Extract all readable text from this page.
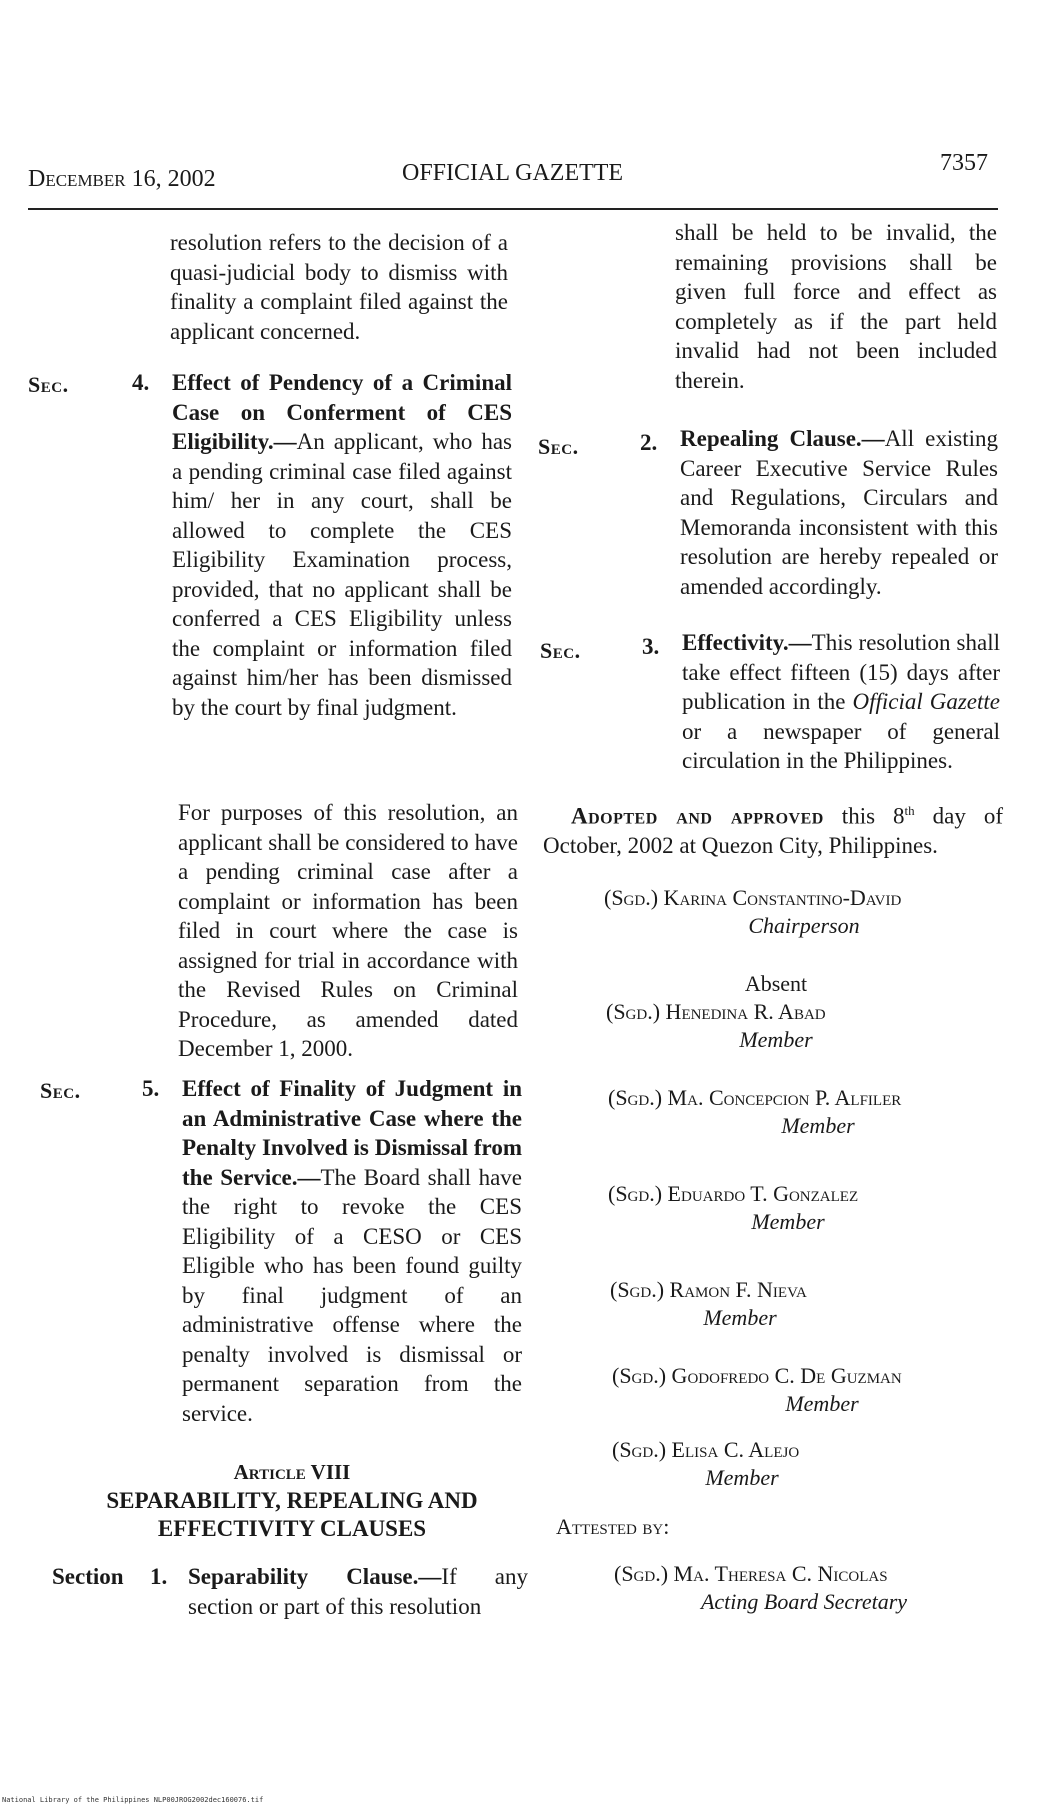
December 16, 2002	OFFICIAL GAZETTE	7357
resolution refers to the decision of a quasi-judicial body to dismiss with finality a complaint filed against the applicant concerned.
Sec.	4. Effect of Pendency of a Criminal Case on Conferment of CES Eligibility.—An applicant, who has a pending criminal case filed against him/ her in any court, shall be allowed to complete the CES Eligibility Examination process, provided, that no applicant shall be conferred a CES Eligibility unless the complaint or information filed against him/her has been dismissed by the court by final judgment.
For purposes of this resolution, an applicant shall be considered to have a pending criminal case after a complaint or information has been filed in court where the case is assigned for trial in accordance with the Revised Rules on Criminal Procedure, as amended dated December 1, 2000.
Sec.	5. Effect of Finality of Judgment in an Administrative Case where the Penalty Involved is Dismissal from the Service.—The Board shall have the right to revoke the CES Eligibility of a CESO or CES Eligible who has been found guilty by final judgment of an administrative offense where the penalty involved is dismissal or permanent separation from the service.
Article VIII
SEPARABILITY, REPEALING AND
EFFECTIVITY CLAUSES
Section 1. Separability Clause.—If any section or part of this resolution
shall be held to be invalid, the remaining provisions shall be given full force and effect as completely as if the part held invalid had not been included therein.
Sec.	2. Repealing Clause.—All existing Career Executive Service Rules and Regulations, Circulars and Memoranda inconsistent with this resolution are hereby repealed or amended accordingly.
Sec.	3. Effectivity.—This resolution shall take effect fifteen (15) days after publication in the Official Gazette or a newspaper of general circulation in the Philippines.
Adopted and approved this 8th day of October, 2002 at Quezon City, Philippines.
(Sgd.) Karina Constantino-David
Chairperson
Absent
(Sgd.) Henedina R. Abad
Member
(Sgd.) Ma. Concepcion P. Alfiler
Member
(Sgd.) Eduardo T. Gonzalez
Member
(Sgd.) Ramon F. Nieva
Member
(Sgd.) Godofredo C. De Guzman
Member
(Sgd.) Elisa C. Alejo
Member
Attested by:
(Sgd.) Ma. Theresa C. Nicolas
Acting Board Secretary
National Library of the Philippines NLP00JROG2002dec160076.tif
